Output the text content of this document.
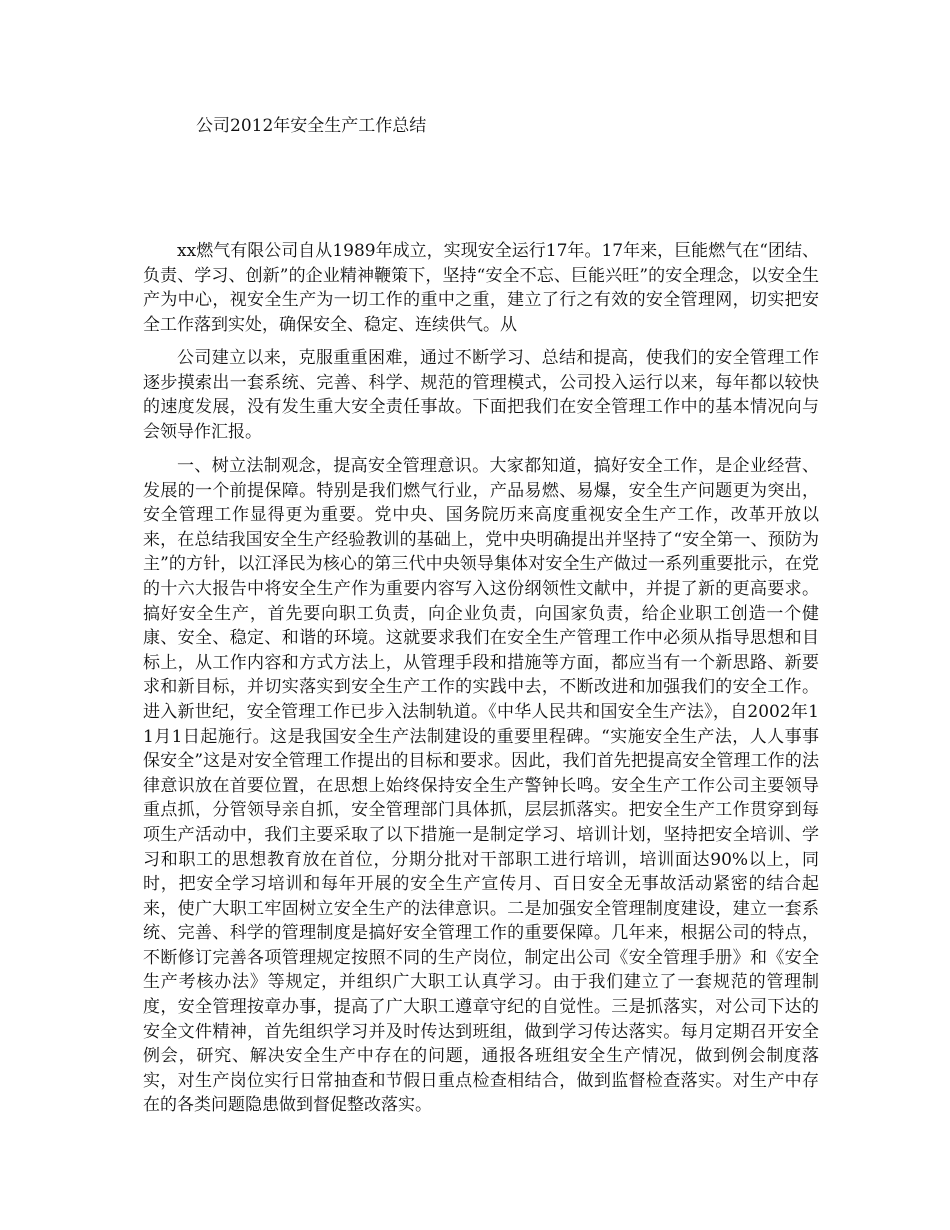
公司2012年安全生产工作总结

xx燃气有限公司自从1989年成立，实现安全运行17年。17年来，巨能燃气在“团结、负责、学习、创新”的企业精神鞭策下，坚持“安全不忘、巨能兴旺”的安全理念，以安全生产为中心，视安全生产为一切工作的重中之重，建立了行之有效的安全管理网，切实把安全工作落到实处，确保安全、稳定、连续供气。从

公司建立以来，克服重重困难，通过不断学习、总结和提高，使我们的安全管理工作逐步摸索出一套系统、完善、科学、规范的管理模式，公司投入运行以来，每年都以较快的速度发展，没有发生重大安全责任事故。下面把我们在安全管理工作中的基本情况向与会领导作汇报。

一、树立法制观念，提高安全管理意识。大家都知道，搞好安全工作，是企业经营、发展的一个前提保障。特别是我们燃气行业，产品易燃、易爆，安全生产问题更为突出，安全管理工作显得更为重要。党中央、国务院历来高度重视安全生产工作，改革开放以来，在总结我国安全生产经验教训的基础上，党中央明确提出并坚持了“安全第一、预防为主”的方针，以江泽民为核心的第三代中央领导集体对安全生产做过一系列重要批示，在党的十六大报告中将安全生产作为重要内容写入这份纲领性文献中，并提了新的更高要求。搞好安全生产，首先要向职工负责，向企业负责，向国家负责，给企业职工创造一个健康、安全、稳定、和谐的环境。这就要求我们在安全生产管理工作中必须从指导思想和目标上，从工作内容和方式方法上，从管理手段和措施等方面，都应当有一个新思路、新要求和新目标，并切实落实到安全生产工作的实践中去，不断改进和加强我们的安全工作。进入新世纪，安全管理工作已步入法制轨道。《中华人民共和国安全生产法》，自2002年11月1日起施行。这是我国安全生产法制建设的重要里程碑。“实施安全生产法，人人事事保安全”这是对安全管理工作提出的目标和要求。因此，我们首先把提高安全管理工作的法律意识放在首要位置，在思想上始终保持安全生产警钟长鸣。安全生产工作公司主要领导重点抓，分管领导亲自抓，安全管理部门具体抓，层层抓落实。把安全生产工作贯穿到每项生产活动中，我们主要采取了以下措施一是制定学习、培训计划，坚持把安全培训、学习和职工的思想教育放在首位，分期分批对干部职工进行培训，培训面达90%以上，同时，把安全学习培训和每年开展的安全生产宣传月、百日安全无事故活动紧密的结合起来，使广大职工牢固树立安全生产的法律意识。二是加强安全管理制度建设，建立一套系统、完善、科学的管理制度是搞好安全管理工作的重要保障。几年来，根据公司的特点，不断修订完善各项管理规定按照不同的生产岗位，制定出公司《安全管理手册》和《安全生产考核办法》等规定，并组织广大职工认真学习。由于我们建立了一套规范的管理制度，安全管理按章办事，提高了广大职工遵章守纪的自觉性。三是抓落实，对公司下达的安全文件精神，首先组织学习并及时传达到班组，做到学习传达落实。每月定期召开安全例会，研究、解决安全生产中存在的问题，通报各班组安全生产情况，做到例会制度落实，对生产岗位实行日常抽查和节假日重点检查相结合，做到监督检查落实。对生产中存在的各类问题隐患做到督促整改落实。
